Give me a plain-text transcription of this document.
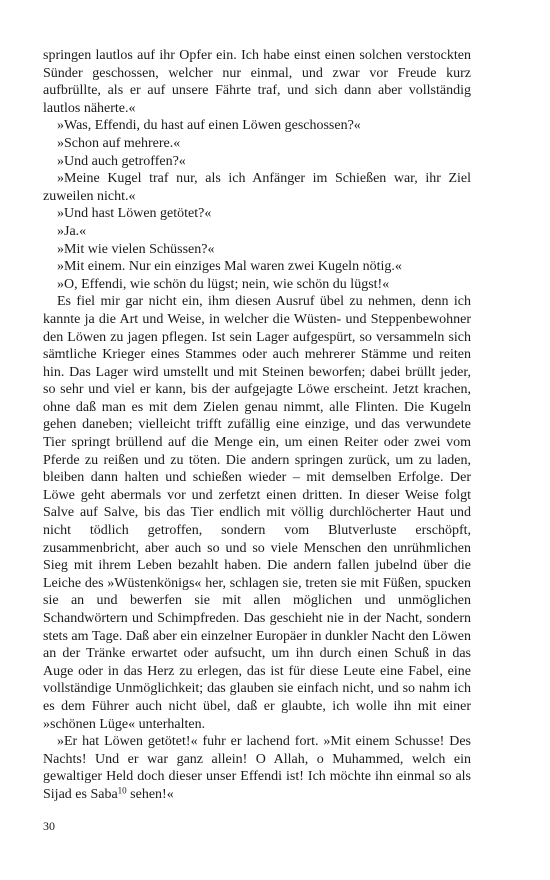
springen lautlos auf ihr Opfer ein. Ich habe einst einen solchen verstockten Sünder geschossen, welcher nur einmal, und zwar vor Freude kurz aufbrüllte, als er auf unsere Fährte traf, und sich dann aber vollständig lautlos näherte.«

»Was, Effendi, du hast auf einen Löwen geschossen?«

»Schon auf mehrere.«

»Und auch getroffen?«

»Meine Kugel traf nur, als ich Anfänger im Schießen war, ihr Ziel zuweilen nicht.«

»Und hast Löwen getötet?«

»Ja.«

»Mit wie vielen Schüssen?«

»Mit einem. Nur ein einziges Mal waren zwei Kugeln nötig.«

»O, Effendi, wie schön du lügst; nein, wie schön du lügst!«

Es fiel mir gar nicht ein, ihm diesen Ausruf übel zu nehmen, denn ich kannte ja die Art und Weise, in welcher die Wüsten- und Steppenbewohner den Löwen zu jagen pflegen. Ist sein Lager aufgespürt, so versammeln sich sämtliche Krieger eines Stammes oder auch mehrerer Stämme und reiten hin. Das Lager wird umstellt und mit Steinen beworfen; dabei brüllt jeder, so sehr und viel er kann, bis der aufgejagte Löwe erscheint. Jetzt krachen, ohne daß man es mit dem Zielen genau nimmt, alle Flinten. Die Kugeln gehen daneben; vielleicht trifft zufällig eine einzige, und das verwundete Tier springt brüllend auf die Menge ein, um einen Reiter oder zwei vom Pferde zu reißen und zu töten. Die andern springen zurück, um zu laden, bleiben dann halten und schießen wieder – mit demselben Erfolge. Der Löwe geht abermals vor und zerfetzt einen dritten. In dieser Weise folgt Salve auf Salve, bis das Tier endlich mit völlig durchlöcherter Haut und nicht tödlich getroffen, sondern vom Blutverluste erschöpft, zusammenbricht, aber auch so und so viele Menschen den unrühmlichen Sieg mit ihrem Leben bezahlt haben. Die andern fallen jubelnd über die Leiche des »Wüstenkönigs« her, schlagen sie, treten sie mit Füßen, spucken sie an und bewerfen sie mit allen möglichen und unmöglichen Schandwörtern und Schimpfreden. Das geschieht nie in der Nacht, sondern stets am Tage. Daß aber ein einzelner Europäer in dunkler Nacht den Löwen an der Tränke erwartet oder aufsucht, um ihn durch einen Schuß in das Auge oder in das Herz zu erlegen, das ist für diese Leute eine Fabel, eine vollständige Unmöglichkeit; das glauben sie einfach nicht, und so nahm ich es dem Führer auch nicht übel, daß er glaubte, ich wolle ihn mit einer »schönen Lüge« unterhalten.

»Er hat Löwen getötet!« fuhr er lachend fort. »Mit einem Schusse! Des Nachts! Und er war ganz allein! O Allah, o Muhammed, welch ein gewaltiger Held doch dieser unser Effendi ist! Ich möchte ihn einmal so als Sijad es Saba$^{10}$ sehen!«

30
